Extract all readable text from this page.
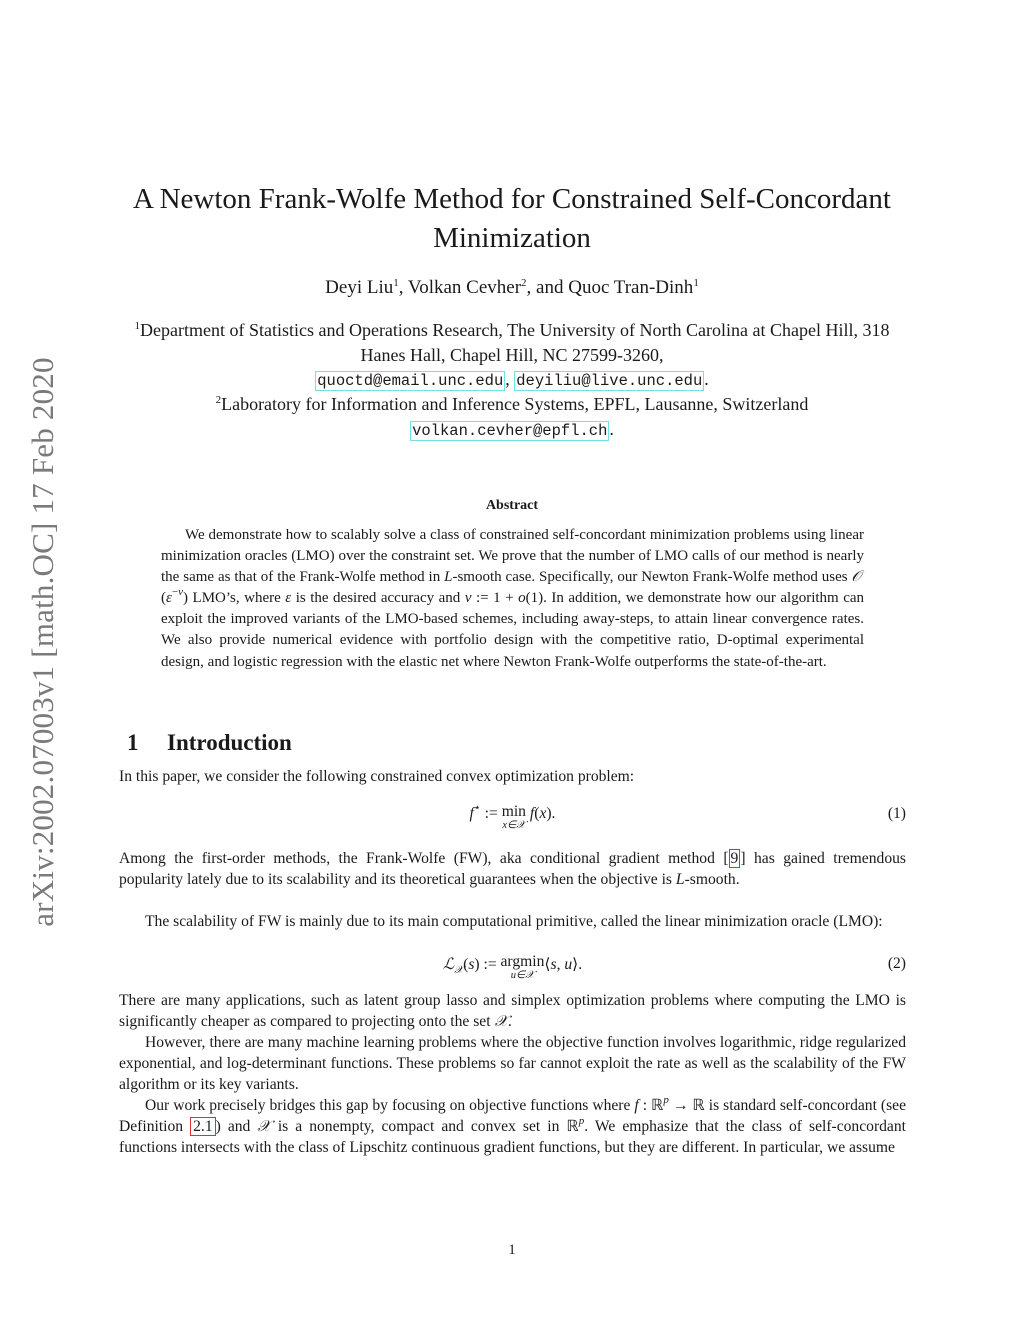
arXiv:2002.07003v1 [math.OC] 17 Feb 2020
A Newton Frank-Wolfe Method for Constrained Self-Concordant Minimization
Deyi Liu$^1$, Volkan Cevher$^2$, and Quoc Tran-Dinh$^1$
$^1$Department of Statistics and Operations Research, The University of North Carolina at Chapel Hill, 318 Hanes Hall, Chapel Hill, NC 27599-3260,
quoctd@email.unc.edu , deyiliu@live.unc.edu .
$^2$Laboratory for Information and Inference Systems, EPFL, Lausanne, Switzerland
volkan.cevher@epfl.ch .
Abstract
We demonstrate how to scalably solve a class of constrained self-concordant minimization problems using linear minimization oracles (LMO) over the constraint set. We prove that the number of LMO calls of our method is nearly the same as that of the Frank-Wolfe method in L-smooth case. Specifically, our Newton Frank-Wolfe method uses 𝒪 $(\varepsilon^{-\nu})$ LMO’s, where ε is the desired accuracy and ν := 1 + o(1). In addition, we demonstrate how our algorithm can exploit the improved variants of the LMO-based schemes, including away-steps, to attain linear convergence rates. We also provide numerical evidence with portfolio design with the competitive ratio, D-optimal experimental design, and logistic regression with the elastic net where Newton Frank-Wolfe outperforms the state-of-the-art.
1 Introduction
In this paper, we consider the following constrained convex optimization problem:
f⋆ := min
x∈𝒳
f(x).	(1)
Among the first-order methods, the Frank-Wolfe (FW), aka conditional gradient method [ 9 ] has gained tremendous popularity lately due to its scalability and its theoretical guarantees when the objective is L-smooth.
The scalability of FW is mainly due to its main computational primitive, called the linear minimization oracle (LMO):
ℒ$_𝒳$(s) := argmin
u∈𝒳
⟨s, u⟩.	(2)
There are many applications, such as latent group lasso and simplex optimization problems where computing the LMO is significantly cheaper as compared to projecting onto the set 𝒳.
However, there are many machine learning problems where the objective function involves logarithmic, ridge regularized exponential, and log-determinant functions. These problems so far cannot exploit the rate as well as the scalability of the FW algorithm or its key variants.
Our work precisely bridges this gap by focusing on objective functions where f : ℝ$^p$ → ℝ is standard self-concordant (see Definition 2.1 ) and 𝒳 is a nonempty, compact and convex set in ℝ$^p$. We emphasize that the class of self-concordant functions intersects with the class of Lipschitz continuous gradient functions, but they are different. In particular, we assume
1
